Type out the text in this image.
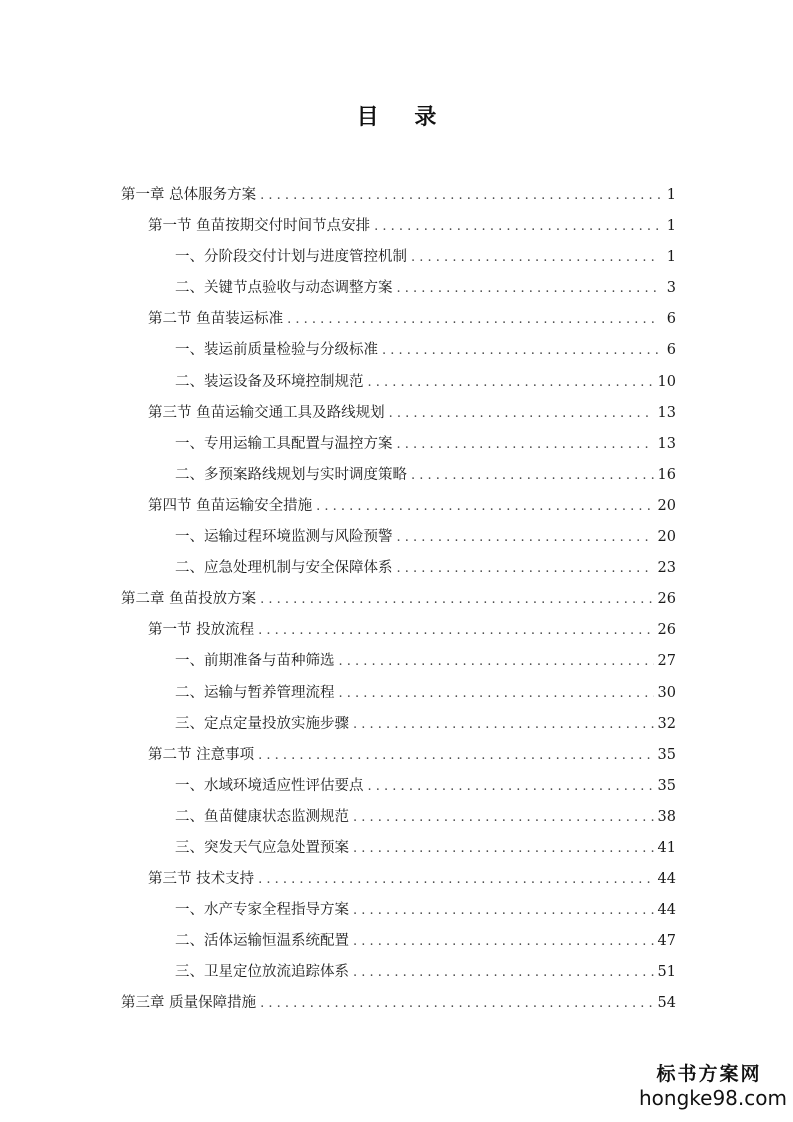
目 录
第一章 总体服务方案 . . .	1
第一节 鱼苗按期交付时间节点安排 . . .	1
一、分阶段交付计划与进度管控机制 . . .	1
二、关键节点验收与动态调整方案 . . .	3
第二节 鱼苗装运标准 . . .	6
一、装运前质量检验与分级标准 . . .	6
二、装运设备及环境控制规范 . . .	10
第三节 鱼苗运输交通工具及路线规划 . . .	13
一、专用运输工具配置与温控方案 . . .	13
二、多预案路线规划与实时调度策略 . . .	16
第四节 鱼苗运输安全措施 . . .	20
一、运输过程环境监测与风险预警 . . .	20
二、应急处理机制与安全保障体系 . . .	23
第二章 鱼苗投放方案 . . .	26
第一节 投放流程 . . .	26
一、前期准备与苗种筛选 . . .	27
二、运输与暂养管理流程 . . .	30
三、定点定量投放实施步骤 . . .	32
第二节 注意事项 . . .	35
一、水域环境适应性评估要点 . . .	35
二、鱼苗健康状态监测规范 . . .	38
三、突发天气应急处置预案 . . .	41
第三节 技术支持 . . .	44
一、水产专家全程指导方案 . . .	44
二、活体运输恒温系统配置 . . .	47
三、卫星定位放流追踪体系 . . .	51
第三章 质量保障措施 . . .	54
标书方案网
hongke98.com
